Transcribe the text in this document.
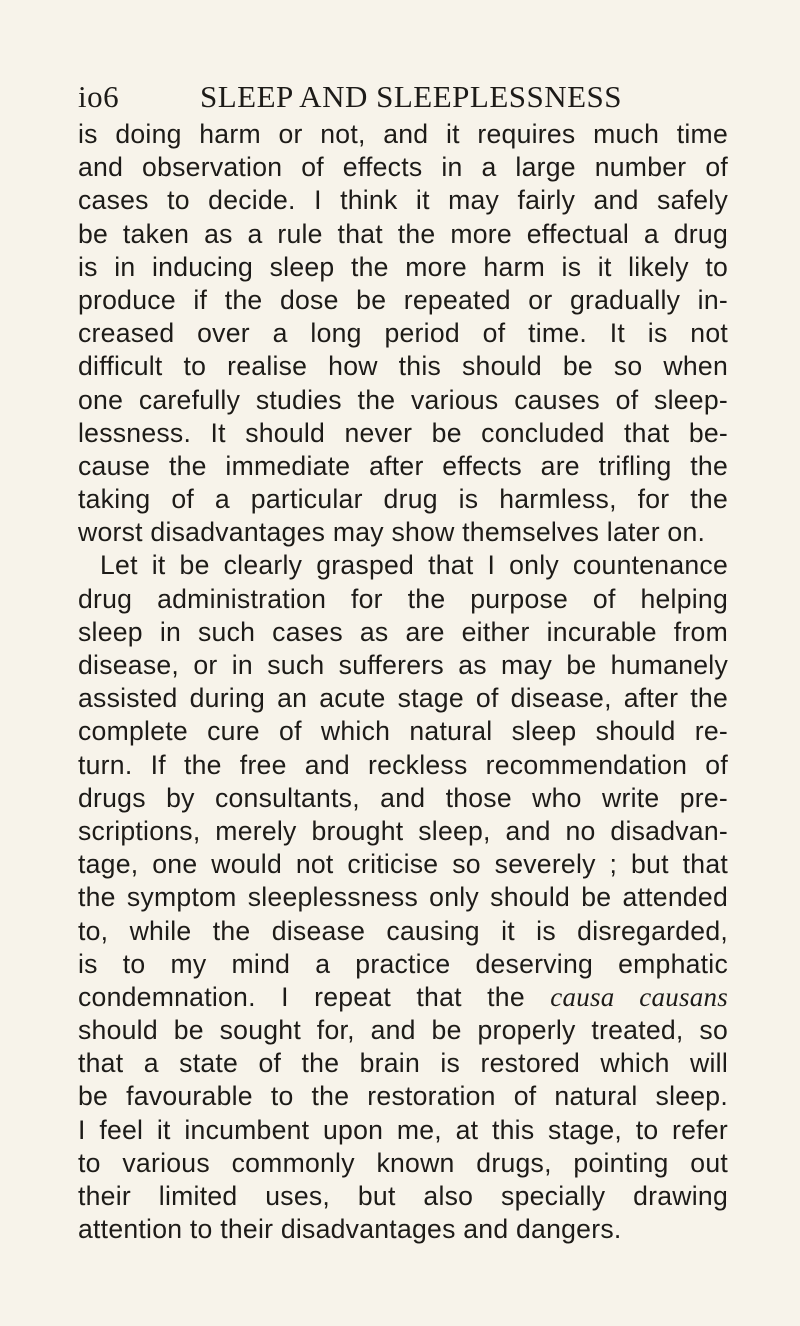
io6	SLEEP AND SLEEPLESSNESS
is doing harm or not, and it requires much time
and observation of effects in a large number of
cases to decide. I think it may fairly and safely
be taken as a rule that the more effectual a drug
is in inducing sleep the more harm is it likely to
produce if the dose be repeated or gradually in-
creased over a long period of time. It is not
difficult to realise how this should be so when
one carefully studies the various causes of sleep-
lessness. It should never be concluded that be-
cause the immediate after effects are trifling the
taking of a particular drug is harmless, for the
worst disadvantages may show themselves later on.
Let it be clearly grasped that I only countenance
drug administration for the purpose of helping
sleep in such cases as are either incurable from
disease, or in such sufferers as may be humanely
assisted during an acute stage of disease, after the
complete cure of which natural sleep should re-
turn. If the free and reckless recommendation of
drugs by consultants, and those who write pre-
scriptions, merely brought sleep, and no disadvan-
tage, one would not criticise so severely ; but that
the symptom sleeplessness only should be attended
to, while the disease causing it is disregarded,
is to my mind a practice deserving emphatic
condemnation. I repeat that the causa causans
should be sought for, and be properly treated, so
that a state of the brain is restored which will
be favourable to the restoration of natural sleep.
I feel it incumbent upon me, at this stage, to refer
to various commonly known drugs, pointing out
their limited uses, but also specially drawing
attention to their disadvantages and dangers.
